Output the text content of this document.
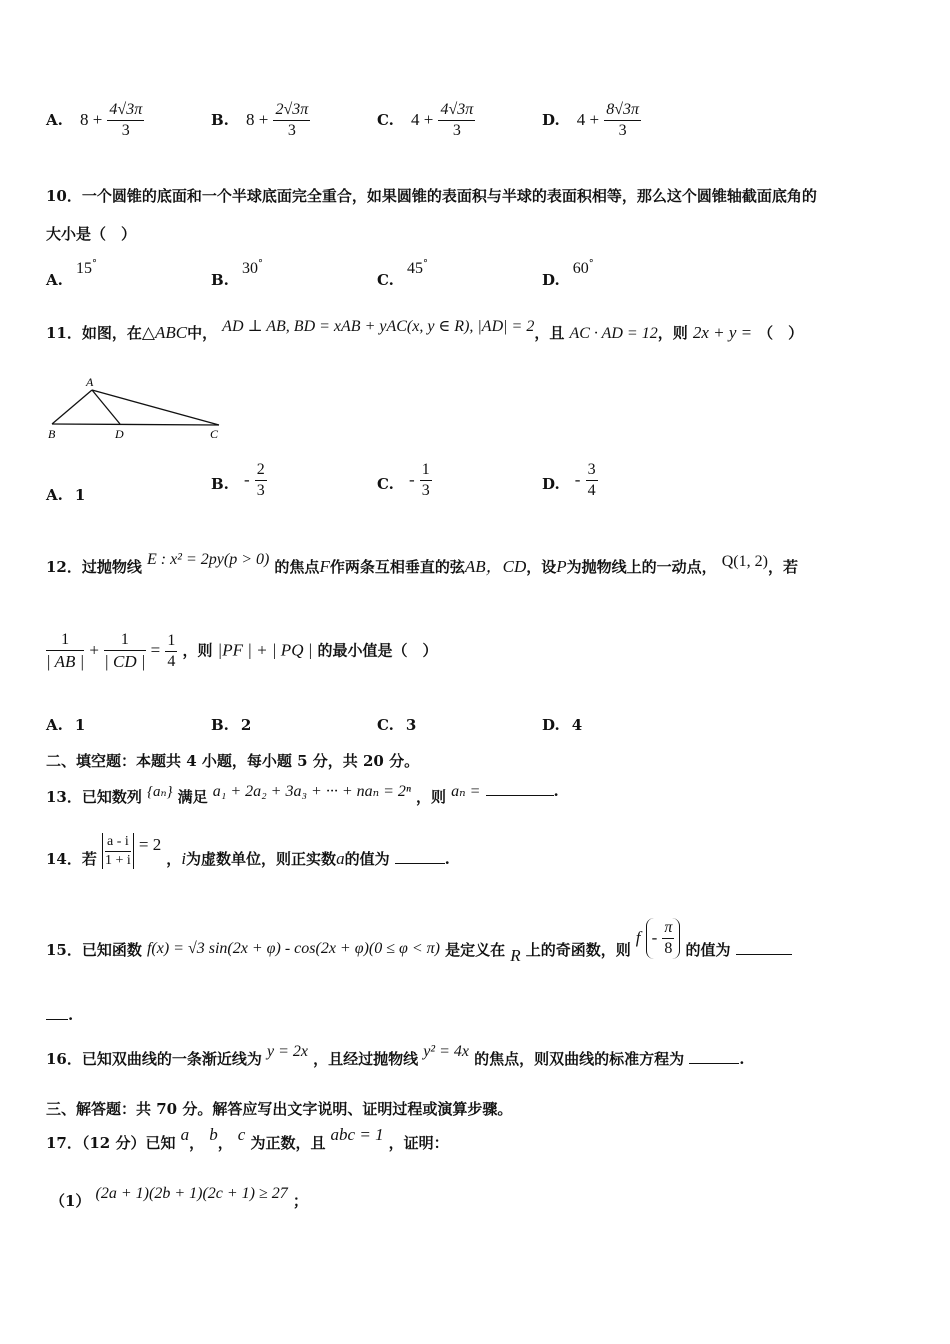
A. $8 + \frac{4√3\pi}{3}$	B. $8 + \frac{2√3\pi}{3}$	C. $4 + \frac{4√3\pi}{3}$	D. $4 + \frac{8√3\pi}{3}$
10．一个圆锥的底面和一个半球底面完全重合，如果圆锥的表面积与半球的表面积相等，那么这个圆锥轴截面底角的
大小是（　）
A. 15°
B. 30°
C. 45°
D. 60°
11．如图，在△ABC中， AD ⊥ AB, BD = xAB + yAC(x, y ∈ R), |AD| = 2，且 AC · AD = 12，则 2x + y = （　）
A
B	D	C
A. 1
B. - $\frac{2}{3}$	C. - $\frac{1}{3}$	D. - $\frac{3}{4}$
12．过抛物线 E : x² = 2py(p > 0) 的焦点F作两条互相垂直的弦AB，CD，设P为抛物线上的一动点， Q(1, 2)，若
$\frac{1}{| AB |} + \frac{1}{| CD |} = \frac{1}{4}$ ，则 |PF | + | PQ | 的最小值是（　）
A. 1	B. 2	C. 3	D. 4
二、填空题：本题共 4 小题，每小题 5 分，共 20 分。
13．已知数列 {aₙ} 满足 a₁ + 2a₂ + 3a₃ + ··· + naₙ = 2ⁿ ，则 aₙ =	.
14．若 $\frac{a - i}{1 + i} = 2$ ，i为虚数单位，则正实数a的值为	.
15．已知函数 f(x) = √3 sin(2x + φ) - cos(2x + φ)(0 ≤ φ < π) 是定义在 R 上的奇函数，则 f - $\frac{\pi}{8}$ 的值为
.
16．已知双曲线的一条渐近线为 y = 2x ，且经过抛物线 y² = 4x 的焦点，则双曲线的标准方程为	.
三、解答题：共 70 分。解答应写出文字说明、证明过程或演算步骤。
17．（12 分）已知 a， b， c 为正数，且 abc = 1 ，证明：
（1） (2a + 1)(2b + 1)(2c + 1) ≥ 27 ；
